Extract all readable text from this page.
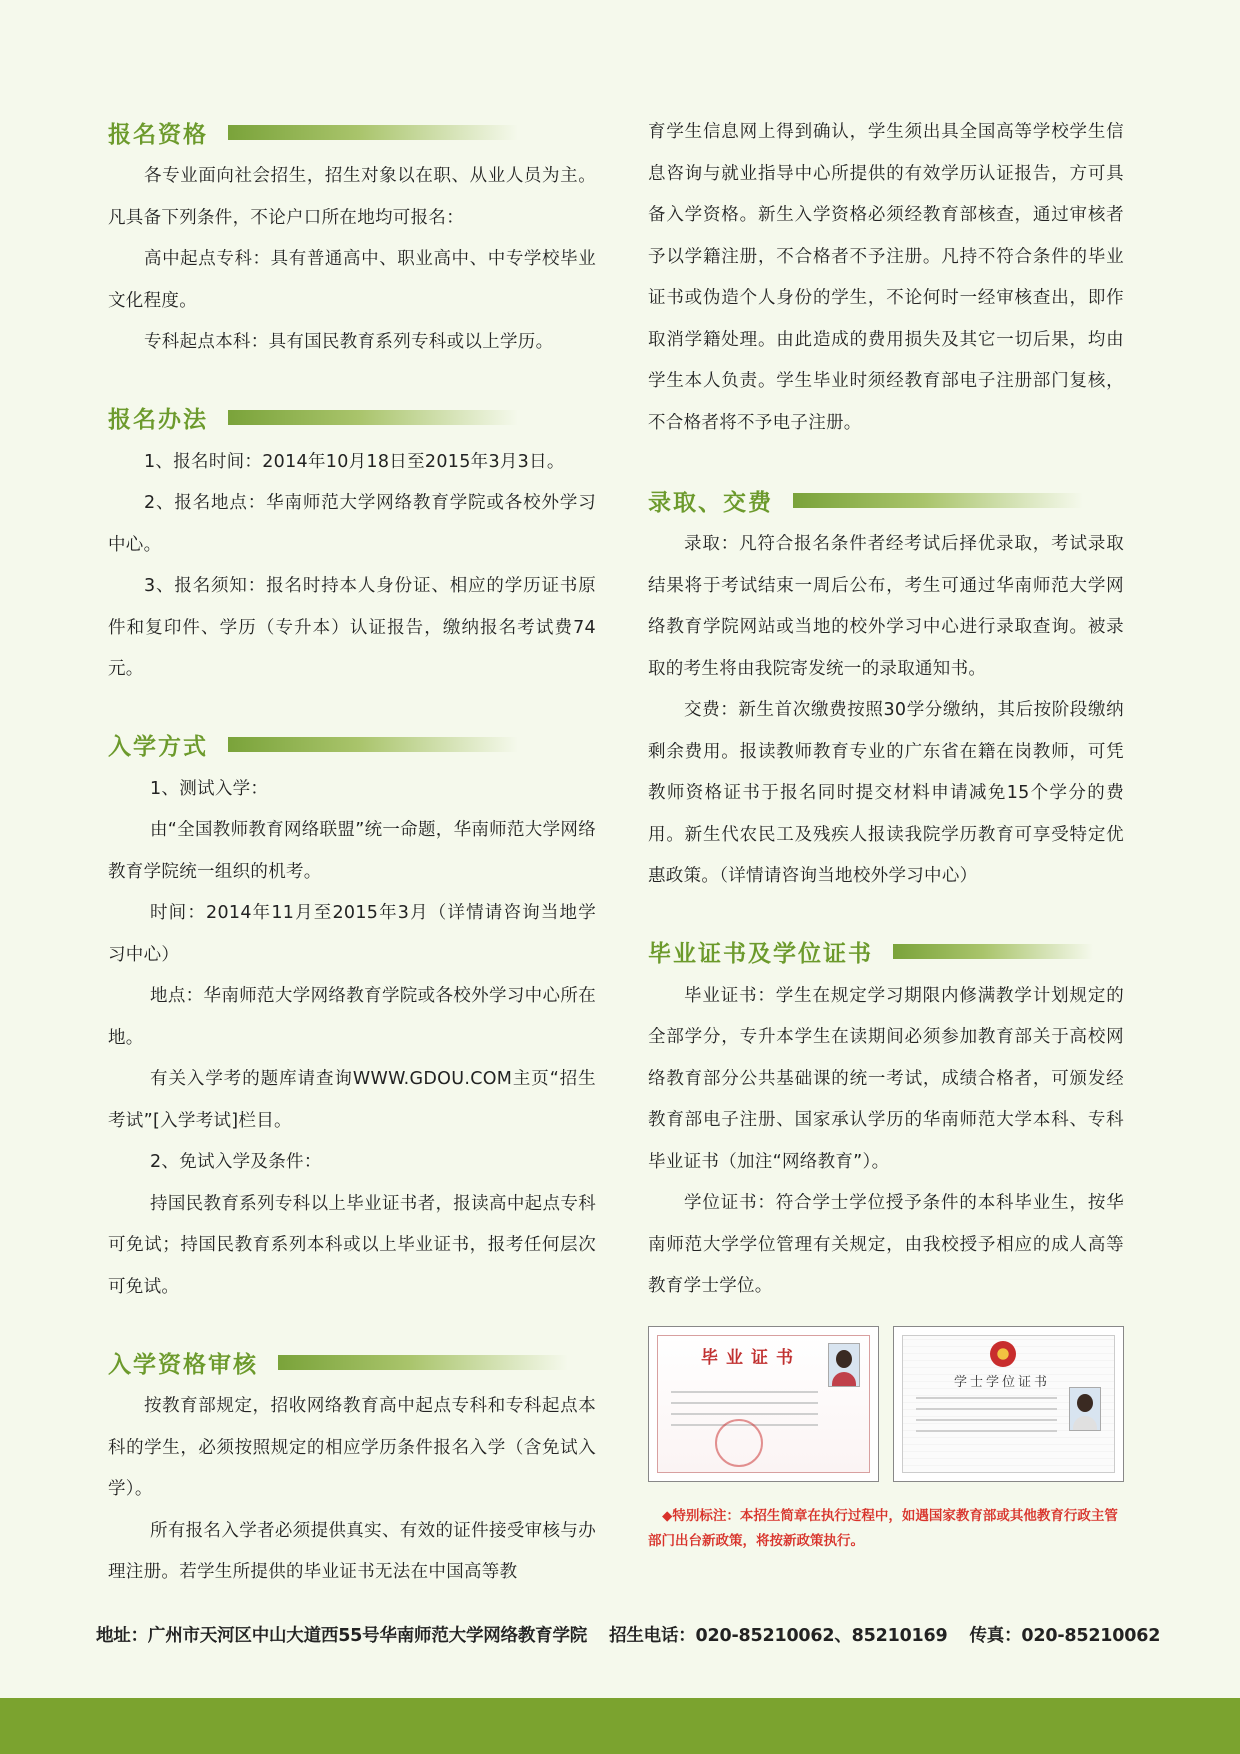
报名资格

各专业面向社会招生，招生对象以在职、从业人员为主。凡具备下列条件，不论户口所在地均可报名：

高中起点专科：具有普通高中、职业高中、中专学校毕业文化程度。

专科起点本科：具有国民教育系列专科或以上学历。

报名办法

1、报名时间：2014年10月18日至2015年3月3日。

2、报名地点：华南师范大学网络教育学院或各校外学习中心。

3、报名须知：报名时持本人身份证、相应的学历证书原件和复印件、学历（专升本）认证报告，缴纳报名考试费74元。

入学方式

1、测试入学：

由“全国教师教育网络联盟”统一命题，华南师范大学网络教育学院统一组织的机考。

时间：2014年11月至2015年3月（详情请咨询当地学习中心）

地点：华南师范大学网络教育学院或各校外学习中心所在地。

有关入学考的题库请查询WWW.GDOU.COM主页“招生考试”[入学考试]栏目。

2、免试入学及条件：

持国民教育系列专科以上毕业证书者，报读高中起点专科可免试；持国民教育系列本科或以上毕业证书，报考任何层次可免试。

入学资格审核

按教育部规定，招收网络教育高中起点专科和专科起点本科的学生，必须按照规定的相应学历条件报名入学（含免试入学）。

所有报名入学者必须提供真实、有效的证件接受审核与办理注册。若学生所提供的毕业证书无法在中国高等教

育学生信息网上得到确认，学生须出具全国高等学校学生信息咨询与就业指导中心所提供的有效学历认证报告，方可具备入学资格。新生入学资格必须经教育部核查，通过审核者予以学籍注册，不合格者不予注册。凡持不符合条件的毕业证书或伪造个人身份的学生，不论何时一经审核查出，即作取消学籍处理。由此造成的费用损失及其它一切后果，均由学生本人负责。学生毕业时须经教育部电子注册部门复核，不合格者将不予电子注册。

录取、交费

录取：凡符合报名条件者经考试后择优录取，考试录取结果将于考试结束一周后公布，考生可通过华南师范大学网络教育学院网站或当地的校外学习中心进行录取查询。被录取的考生将由我院寄发统一的录取通知书。

交费：新生首次缴费按照30学分缴纳，其后按阶段缴纳剩余费用。报读教师教育专业的广东省在籍在岗教师，可凭教师资格证书于报名同时提交材料申请减免15个学分的费用。新生代农民工及残疾人报读我院学历教育可享受特定优惠政策。（详情请咨询当地校外学习中心）

毕业证书及学位证书

毕业证书：学生在规定学习期限内修满教学计划规定的全部学分，专升本学生在读期间必须参加教育部关于高校网络教育部分公共基础课的统一考试，成绩合格者，可颁发经教育部电子注册、国家承认学历的华南师范大学本科、专科毕业证书（加注“网络教育”）。

学位证书：符合学士学位授予条件的本科毕业生，按华南师范大学学位管理有关规定，由我校授予相应的成人高等教育学士学位。

毕业证书
学士学位证书
◆特别标注：本招生简章在执行过程中，如遇国家教育部或其他教育行政主管部门出台新政策，将按新政策执行。
地址：广州市天河区中山大道西55号华南师范大学网络教育学院 招生电话：020-85210062、85210169 传真：020-85210062
